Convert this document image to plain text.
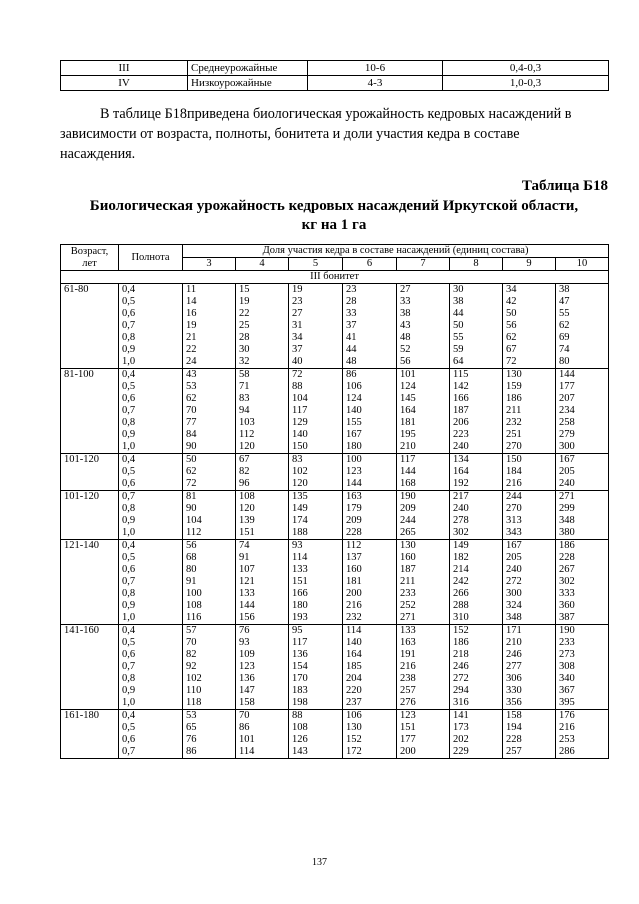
III	Среднеурожайные	10-6	0,4-0,3
IV	Низкоурожайные	4-3	1,0-0,3
В таблице Б18приведена биологическая урожайность кедровых насаждений в
зависимости от возраста, полноты, бонитета и доли участия кедра в составе
насаждения.
Таблица Б18
Биологическая урожайность кедровых насаждений Иркутской области,
кг на 1 га
Возраст, лет	Полнота	Доля участия кедра в составе насаждений (единиц состава)							
		3	4	5	6	7	8	9	10
III бонитет									
61-80	0,4	11	15	19	23	27	30	34	38
	0,5	14	19	23	28	33	38	42	47
	0,6	16	22	27	33	38	44	50	55
	0,7	19	25	31	37	43	50	56	62
	0,8	21	28	34	41	48	55	62	69
	0,9	22	30	37	44	52	59	67	74
	1,0	24	32	40	48	56	64	72	80
81-100	0,4	43	58	72	86	101	115	130	144
	0,5	53	71	88	106	124	142	159	177
	0,6	62	83	104	124	145	166	186	207
	0,7	70	94	117	140	164	187	211	234
	0,8	77	103	129	155	181	206	232	258
	0,9	84	112	140	167	195	223	251	279
	1,0	90	120	150	180	210	240	270	300
101-120	0,4	50	67	83	100	117	134	150	167
	0,5	62	82	102	123	144	164	184	205
	0,6	72	96	120	144	168	192	216	240
101-120	0,7	81	108	135	163	190	217	244	271
	0,8	90	120	149	179	209	240	270	299
	0,9	104	139	174	209	244	278	313	348
	1,0	112	151	188	228	265	302	343	380
121-140	0,4	56	74	93	112	130	149	167	186
	0,5	68	91	114	137	160	182	205	228
	0,6	80	107	133	160	187	214	240	267
	0,7	91	121	151	181	211	242	272	302
	0,8	100	133	166	200	233	266	300	333
	0,9	108	144	180	216	252	288	324	360
	1,0	116	156	193	232	271	310	348	387
141-160	0,4	57	76	95	114	133	152	171	190
	0,5	70	93	117	140	163	186	210	233
	0,6	82	109	136	164	191	218	246	273
	0,7	92	123	154	185	216	246	277	308
	0,8	102	136	170	204	238	272	306	340
	0,9	110	147	183	220	257	294	330	367
	1,0	118	158	198	237	276	316	356	395
161-180	0,4	53	70	88	106	123	141	158	176
	0,5	65	86	108	130	151	173	194	216
	0,6	76	101	126	152	177	202	228	253
	0,7	86	114	143	172	200	229	257	286
137
